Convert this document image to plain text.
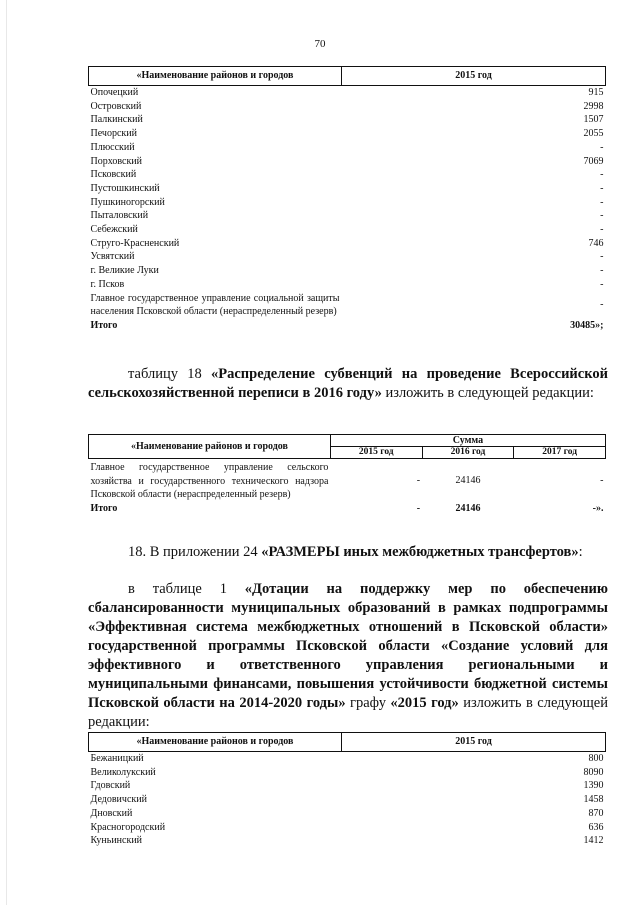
70
«Наименование районов и городов	2015 год
Опочецкий	915
Островский	2998
Палкинский	1507
Печорский	2055
Плюсский	-
Порховский	7069
Псковский	-
Пустошкинский	-
Пушкиногорский	-
Пыталовский	-
Себежский	-
Струго-Красненский	746
Усвятский	-
г. Великие Луки	-
г. Псков	-
Главное государственное управление социальной защиты населения Псковской области (нераспределенный резерв)	-
Итого	30485»;
таблицу 18 «Распределение субвенций на проведение Всероссийской сельскохозяйственной переписи в 2016 году» изложить в следующей редакции:
«Наименование районов и городов	Сумма		
	2015 год	2016 год	2017 год
Главное государственное управление сельского хозяйства и государственного технического надзора Псковской области (нераспределенный резерв)	-	24146	-
Итого	-	24146	-».
18. В приложении 24 «РАЗМЕРЫ иных межбюджетных трансфертов»:
в таблице 1 «Дотации на поддержку мер по обеспечению сбалансированности муниципальных образований в рамках подпрограммы «Эффективная система межбюджетных отношений в Псковской области» государственной программы Псковской области «Создание условий для эффективного и ответственного управления региональными и муниципальными финансами, повышения устойчивости бюджетной системы Псковской области на 2014-2020 годы» графу «2015 год» изложить в следующей редакции:
«Наименование районов и городов	2015 год
Бежаницкий	800
Великолукский	8090
Гдовский	1390
Дедовичский	1458
Дновский	870
Красногородский	636
Куньинский	1412
